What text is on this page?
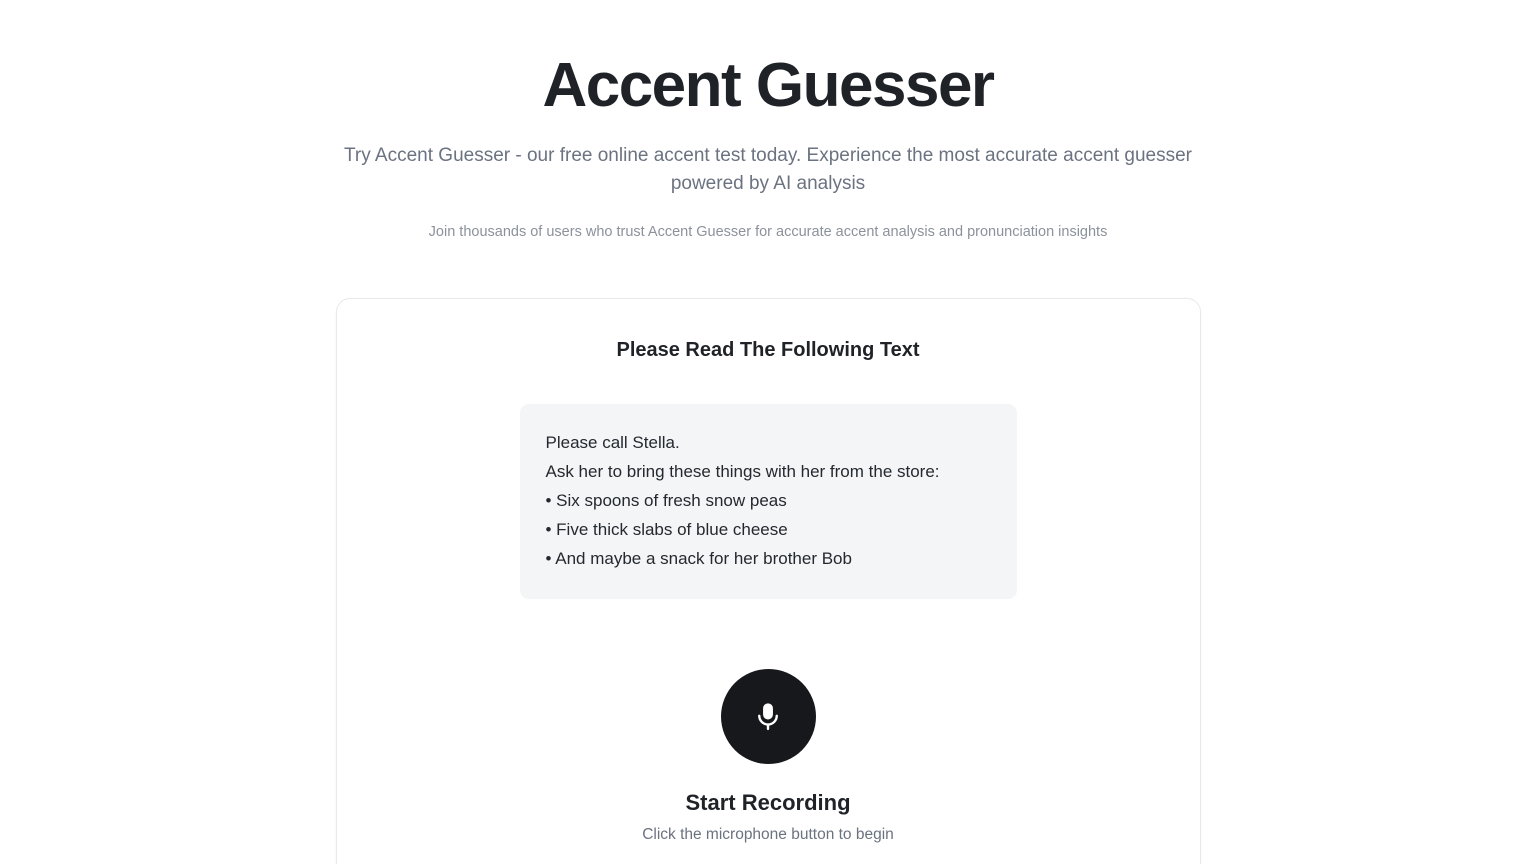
Accent Guesser

Try Accent Guesser - our free online accent test today. Experience the most accurate accent guesser powered by AI analysis

Join thousands of users who trust Accent Guesser for accurate accent analysis and pronunciation insights

Please Read The Following Text

Please call Stella.

Ask her to bring these things with her from the store:

• Six spoons of fresh snow peas

• Five thick slabs of blue cheese

• And maybe a snack for her brother Bob

Start Recording
Click the microphone button to begin
